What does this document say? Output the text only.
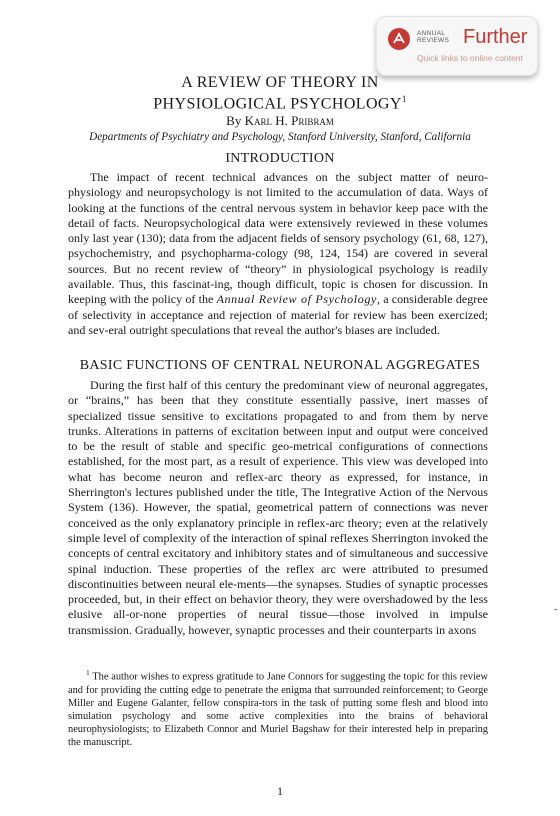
ANNUAL
REVIEWS Further
Quick links to online content
A REVIEW OF THEORY IN
PHYSIOLOGICAL PSYCHOLOGY$^1$
By Karl H. Pribram
Departments of Psychiatry and Psychology, Stanford University, Stanford, California
INTRODUCTION

The impact of recent technical advances on the subject matter of neuro-physiology and neuropsychology is not limited to the accumulation of data. Ways of looking at the functions of the central nervous system in behavior keep pace with the detail of facts. Neuropsychological data were extensively reviewed in these volumes only last year (130); data from the adjacent fields of sensory psychology (61, 68, 127), psychochemistry, and psychopharma-cology (98, 124, 154) are covered in several sources. But no recent review of “theory” in physiological psychology is readily available. Thus, this fascinat-ing, though difficult, topic is chosen for discussion. In keeping with the policy of the Annual Review of Psychology, a considerable degree of selectivity in acceptance and rejection of material for review has been exercized; and sev-eral outright speculations that reveal the author's biases are included.

BASIC FUNCTIONS OF CENTRAL NEURONAL AGGREGATES

During the first half of this century the predominant view of neuronal aggregates, or “brains,” has been that they constitute essentially passive, inert masses of specialized tissue sensitive to excitations propagated to and from them by nerve trunks. Alterations in patterns of excitation between input and output were conceived to be the result of stable and specific geo-metrical configurations of connections established, for the most part, as a result of experience. This view was developed into what has become neuron and reflex-arc theory as expressed, for instance, in Sherrington's lectures published under the title, The Integrative Action of the Nervous System (136). However, the spatial, geometrical pattern of connections was never conceived as the only explanatory principle in reflex-arc theory; even at the relatively simple level of complexity of the interaction of spinal reflexes Sherrington invoked the concepts of central excitatory and inhibitory states and of simultaneous and successive spinal induction. These properties of the reflex arc were attributed to presumed discontinuities between neural ele-ments—the synapses. Studies of synaptic processes proceeded, but, in their effect on behavior theory, they were overshadowed by the less elusive all-or-none properties of neural tissue—those involved in impulse transmission. Gradually, however, synaptic processes and their counterparts in axons

$^1$ The author wishes to express gratitude to Jane Connors for suggesting the topic for this review and for providing the cutting edge to penetrate the enigma that surrounded reinforcement; to George Miller and Eugene Galanter, fellow conspira-tors in the task of putting some flesh and blood into simulation psychology and some active complexities into the brains of behavioral neurophysiologists; to Elizabeth Connor and Muriel Bagshaw for their interested help in preparing the manuscript.

1
-
